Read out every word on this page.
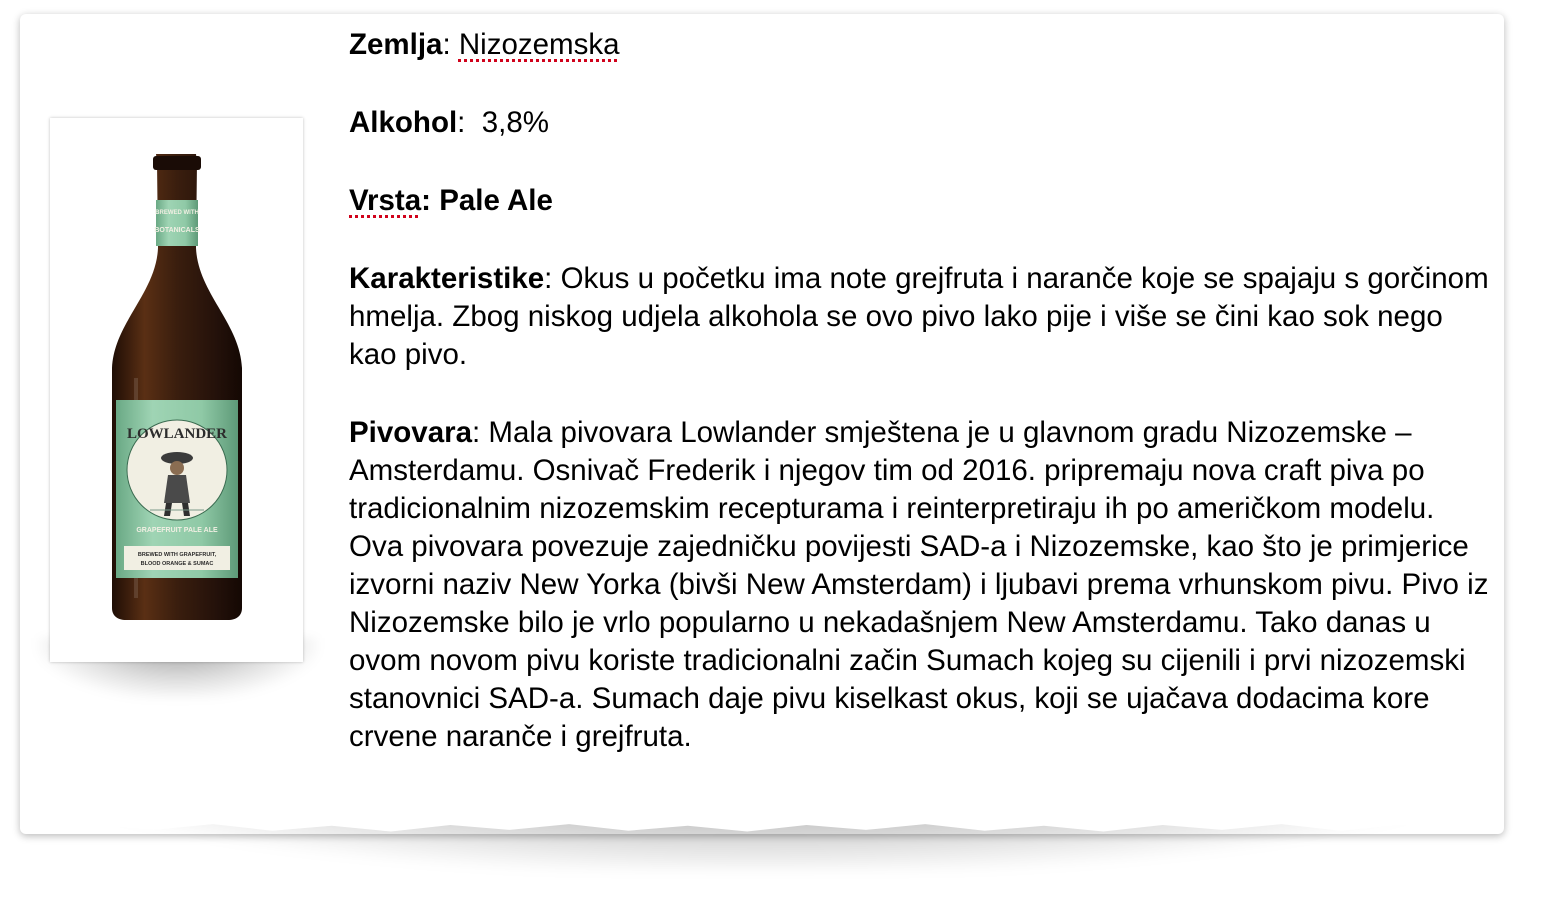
BREWED WITH
BOTANICALS
LOWLANDER
GRAPEFRUIT PALE ALE
BREWED WITH GRAPEFRUIT,
BLOOD ORANGE & SUMAC

Zemlja: Nizozemska

Alkohol:  3,8%

Vrsta: Pale Ale

Karakteristike: Okus u početku ima note grejfruta i naranče koje se spajaju s gorčinom hmelja. Zbog niskog udjela alkohola se ovo pivo lako pije i više se čini kao sok nego kao pivo.

Pivovara: Mala pivovara Lowlander smještena je u glavnom gradu Nizozemske – Amsterdamu. Osnivač Frederik i njegov tim od 2016. pripremaju nova craft piva po tradicionalnim nizozemskim recepturama i reinterpretiraju ih po američkom modelu. Ova pivovara povezuje zajedničku povijesti SAD-a i Nizozemske, kao što je primjerice izvorni naziv New Yorka (bivši New Amsterdam) i ljubavi prema vrhunskom pivu. Pivo iz Nizozemske bilo je vrlo popularno u nekadašnjem New Amsterdamu. Tako danas u ovom novom pivu koriste tradicionalni začin Sumach kojeg su cijenili i prvi nizozemski stanovnici SAD-a. Sumach daje pivu kiselkast okus, koji se ujačava dodacima kore crvene naranče i grejfruta.
